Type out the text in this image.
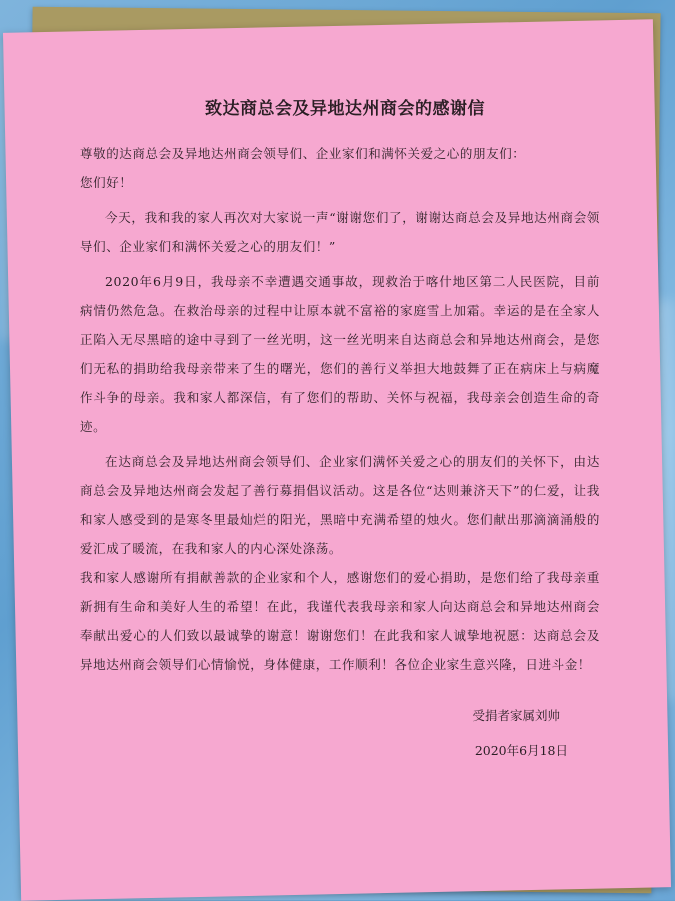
致达商总会及异地达州商会的感谢信

尊敬的达商总会及异地达州商会领导们、企业家们和满怀关爱之心的朋友们：

您们好！

今天，我和我的家人再次对大家说一声“谢谢您们了，谢谢达商总会及异地达州商会领导们、企业家们和满怀关爱之心的朋友们！”

2020年6月9日，我母亲不幸遭遇交通事故，现救治于喀什地区第二人民医院，目前病情仍然危急。在救治母亲的过程中让原本就不富裕的家庭雪上加霜。幸运的是在全家人正陷入无尽黑暗的途中寻到了一丝光明，这一丝光明来自达商总会和异地达州商会，是您们无私的捐助给我母亲带来了生的曙光，您们的善行义举担大地鼓舞了正在病床上与病魔作斗争的母亲。我和家人都深信，有了您们的帮助、关怀与祝福，我母亲会创造生命的奇迹。

在达商总会及异地达州商会领导们、企业家们满怀关爱之心的朋友们的关怀下，由达商总会及异地达州商会发起了善行募捐倡议活动。这是各位“达则兼济天下”的仁爱，让我和家人感受到的是寒冬里最灿烂的阳光，黑暗中充满希望的烛火。您们献出那滴滴涌般的爱汇成了暖流，在我和家人的内心深处涤荡。

我和家人感谢所有捐献善款的企业家和个人，感谢您们的爱心捐助，是您们给了我母亲重新拥有生命和美好人生的希望！在此，我谨代表我母亲和家人向达商总会和异地达州商会奉献出爱心的人们致以最诚挚的谢意！谢谢您们！在此我和家人诚挚地祝愿：达商总会及异地达州商会领导们心情愉悦，身体健康，工作顺利！各位企业家生意兴隆，日进斗金！

受捐者家属刘帅

2020年6月18日
